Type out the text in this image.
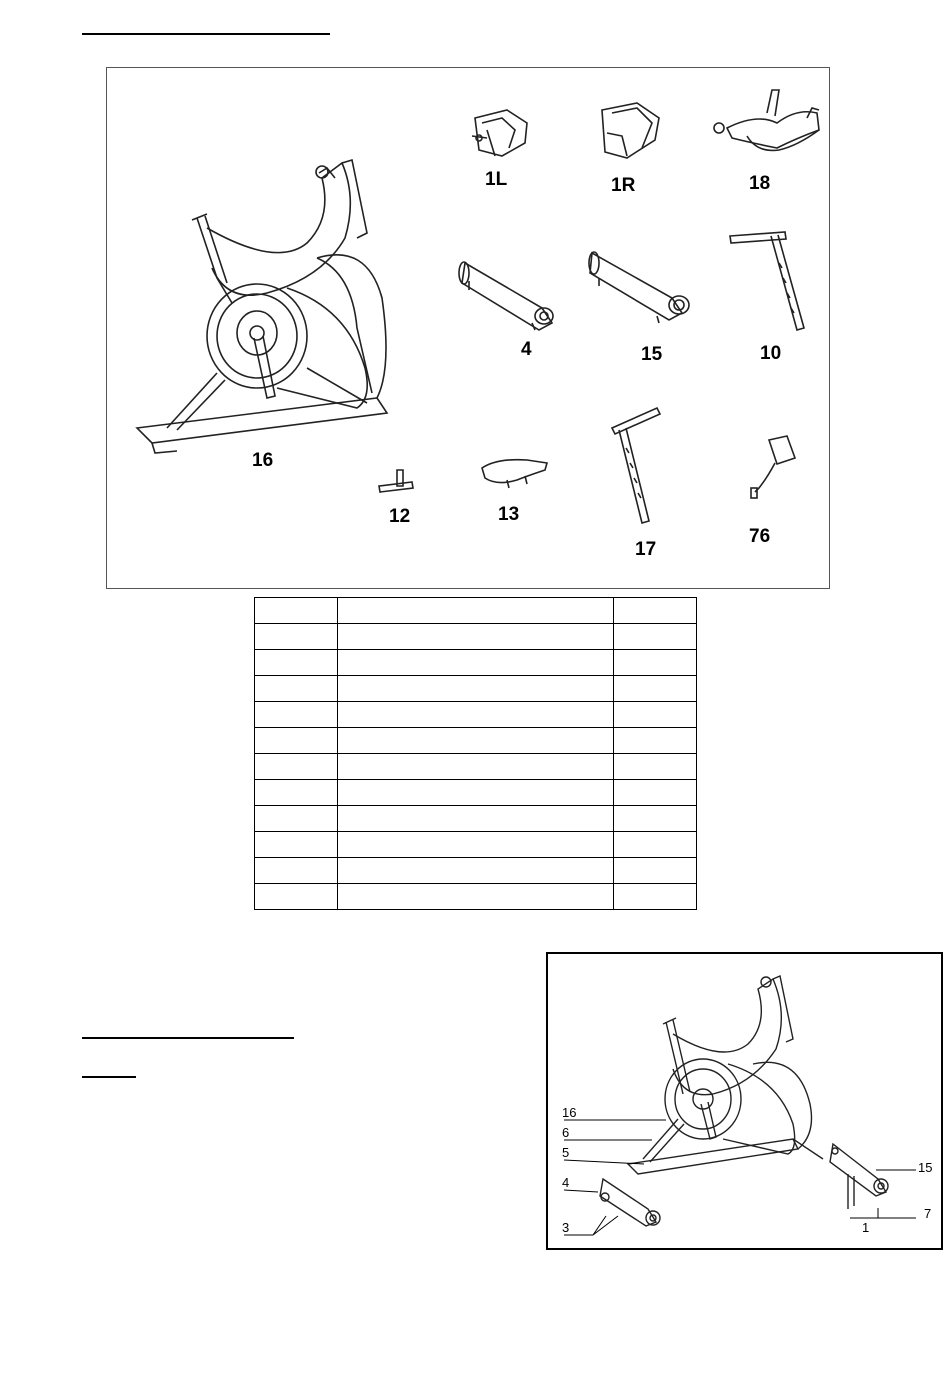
16
1L	1R	18
4	15	10
12	13
17
76

16
6
5
4
3
15
7
1
